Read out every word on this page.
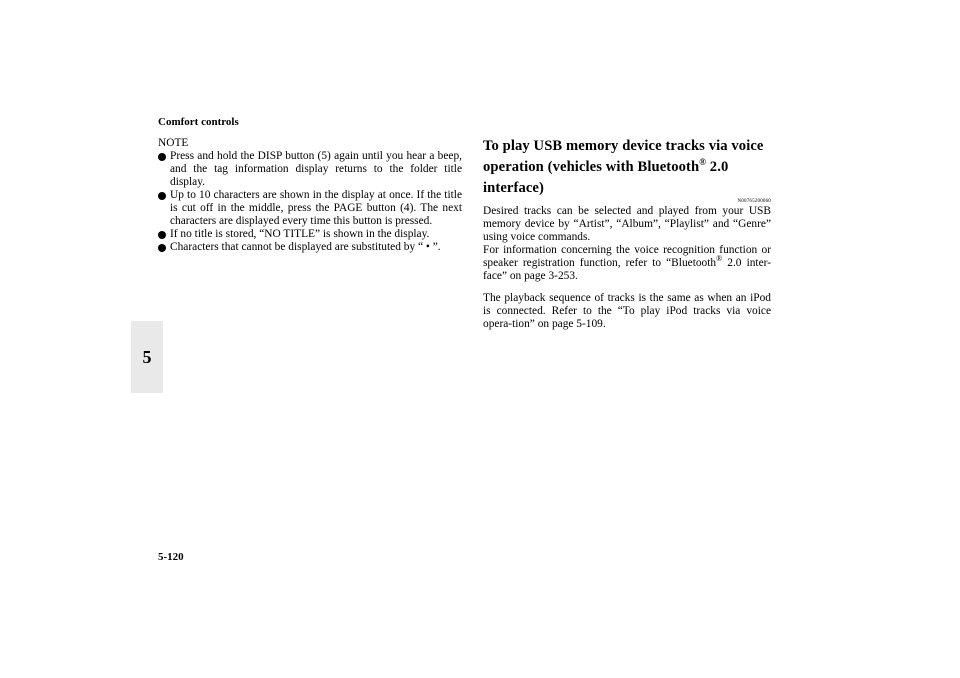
Comfort controls
5
NOTE
Press and hold the DISP button (5) again until you hear a beep, and the tag information display returns to the folder title display.
Up to 10 characters are shown in the display at once. If the title is cut off in the middle, press the PAGE button (4). The next characters are displayed every time this button is pressed.
If no title is stored, “NO TITLE” is shown in the display.
Characters that cannot be displayed are substituted by “ • ”.
To play USB memory device tracks via voice operation (vehicles with Bluetooth® 2.0 interface)
N00765200060

Desired tracks can be selected and played from your USB memory device by “Artist”, “Album”, “Playlist” and “Genre” using voice commands.

For information concerning the voice recognition function or speaker registration function, refer to “Bluetooth® 2.0 inter-face” on page 3-253.

The playback sequence of tracks is the same as when an iPod is connected. Refer to the “To play iPod tracks via voice opera-tion” on page 5-109.

5-120
